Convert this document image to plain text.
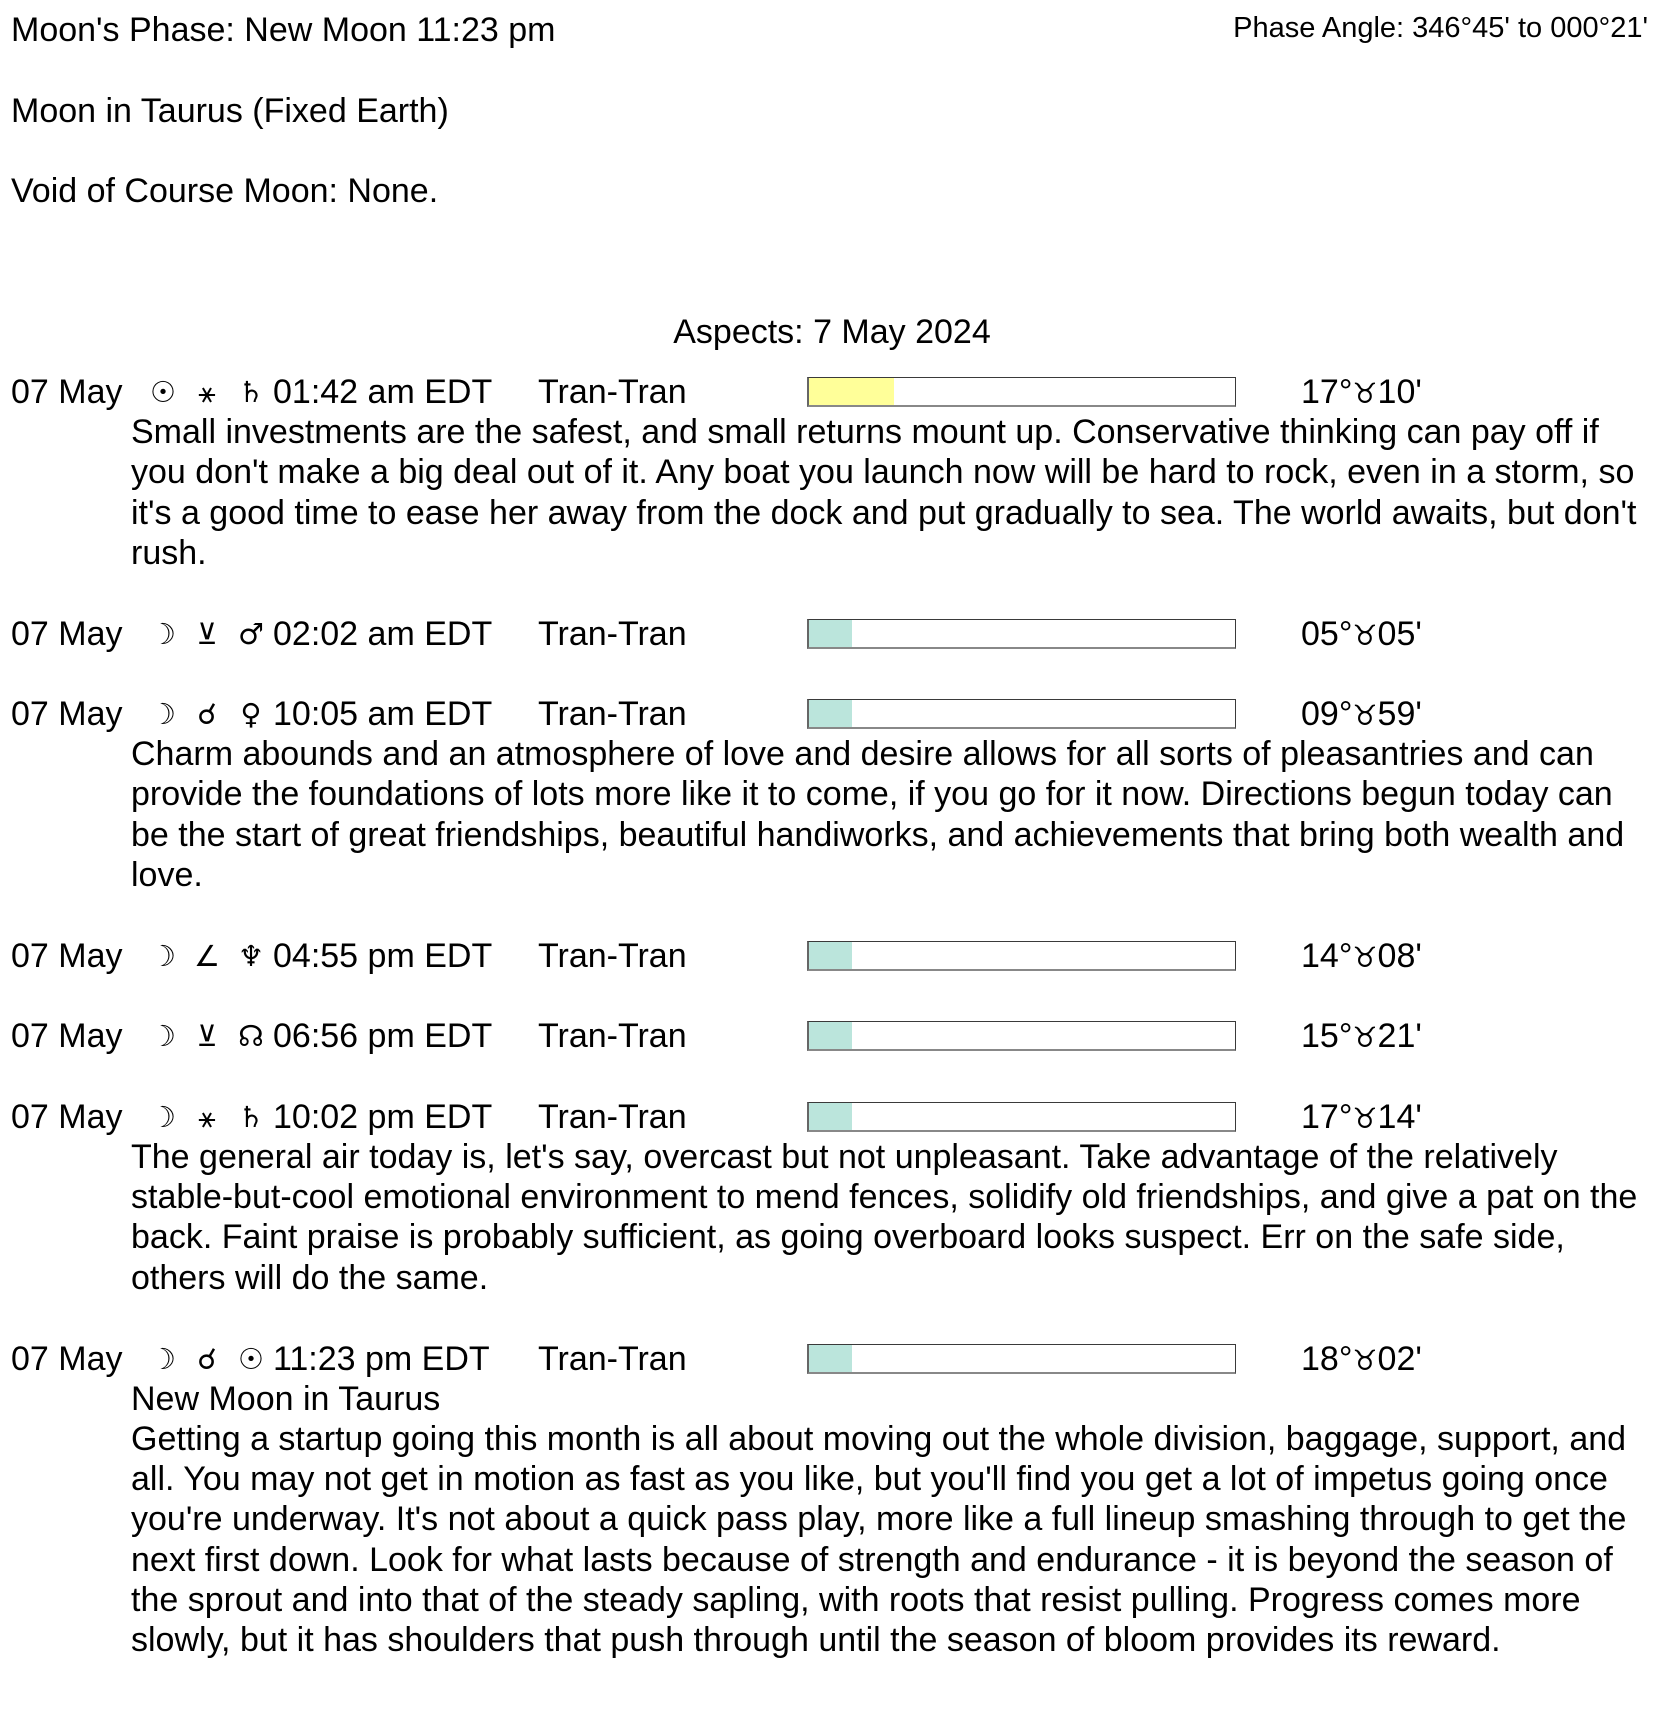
Moon's Phase: New Moon 11:23 pm	Phase Angle: 346°45' to 000°21'
Moon in Taurus (Fixed Earth)
Void of Course Moon: None.
Aspects: 7 May 2024
07 May ☉ ⚹ ♄ 01:42 am EDT Tran-Tran	17°♉10'
Small investments are the safest, and small returns mount up. Conservative thinking can pay off if you don't make a big deal out of it. Any boat you launch now will be hard to rock, even in a storm, so it's a good time to ease her away from the dock and put gradually to sea. The world awaits, but don't rush.
07 May ☽ ⊻ ♂ 02:02 am EDT Tran-Tran	05°♉05'
07 May ☽ ☌ ♀ 10:05 am EDT Tran-Tran	09°♉59'
Charm abounds and an atmosphere of love and desire allows for all sorts of pleasantries and can provide the foundations of lots more like it to come, if you go for it now. Directions begun today can be the start of great friendships, beautiful handiworks, and achievements that bring both wealth and love.
07 May ☽ ∠ ♆ 04:55 pm EDT Tran-Tran	14°♉08'
07 May ☽ ⊻ ☊ 06:56 pm EDT Tran-Tran	15°♉21'
07 May ☽ ⚹ ♄ 10:02 pm EDT Tran-Tran	17°♉14'
The general air today is, let's say, overcast but not unpleasant. Take advantage of the relatively stable-but-cool emotional environment to mend fences, solidify old friendships, and give a pat on the back. Faint praise is probably sufficient, as going overboard looks suspect. Err on the safe side, others will do the same.
07 May ☽ ☌ ☉ 11:23 pm EDT Tran-Tran	18°♉02'
New Moon in Taurus
Getting a startup going this month is all about moving out the whole division, baggage, support, and all. You may not get in motion as fast as you like, but you'll find you get a lot of impetus going once you're underway. It's not about a quick pass play, more like a full lineup smashing through to get the next first down. Look for what lasts because of strength and endurance - it is beyond the season of the sprout and into that of the steady sapling, with roots that resist pulling. Progress comes more slowly, but it has shoulders that push through until the season of bloom provides its reward.
